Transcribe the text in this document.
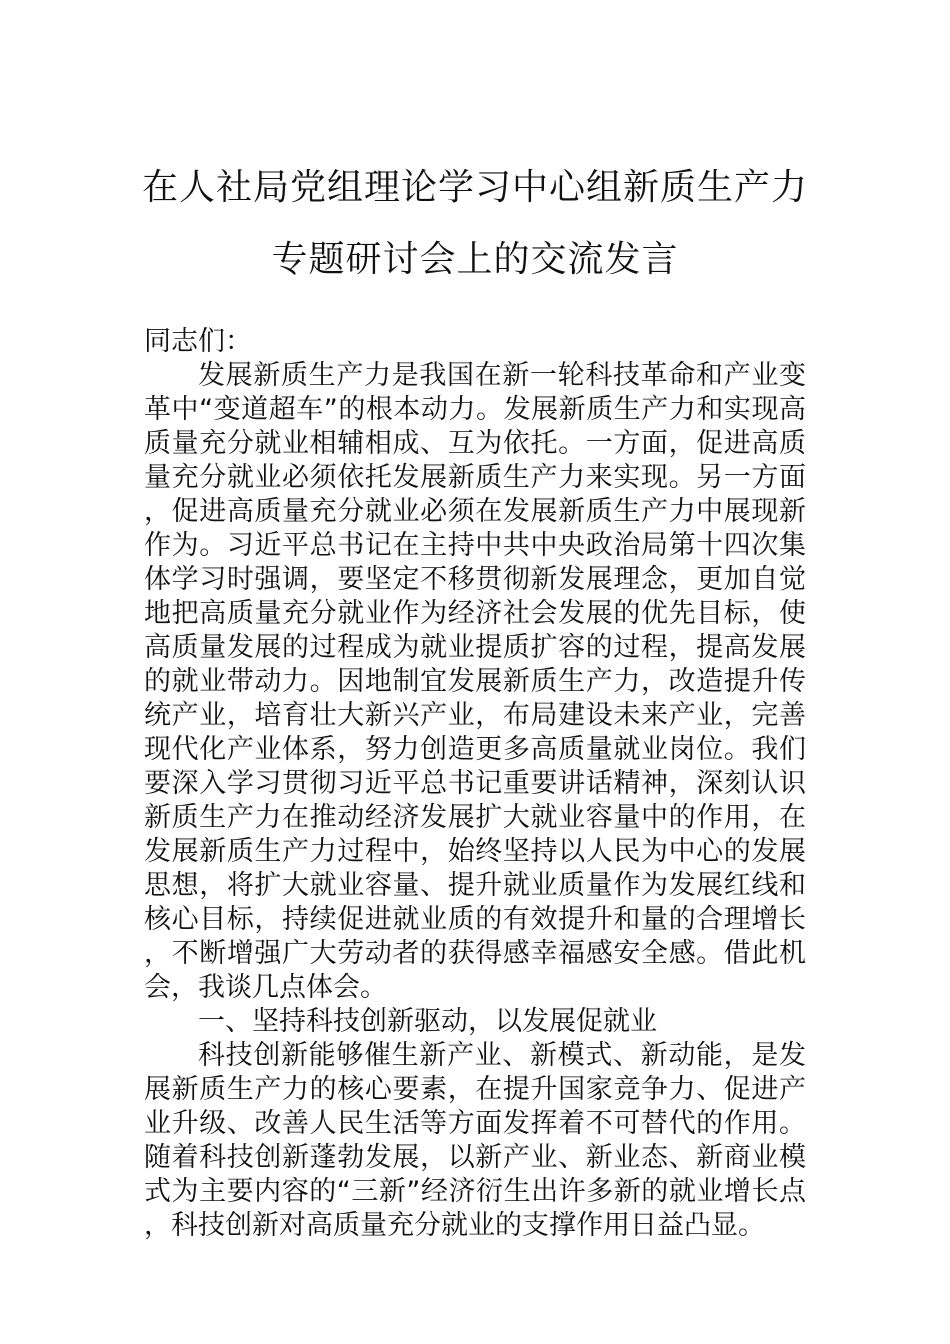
在人社局党组理论学习中心组新质生产力
专题研讨会上的交流发言

同志们：

发展新质生产力是我国在新一轮科技革命和产业变革中“变道超车”的根本动力。发展新质生产力和实现高质量充分就业相辅相成、互为依托。一方面，促进高质量充分就业必须依托发展新质生产力来实现。另一方面，促进高质量充分就业必须在发展新质生产力中展现新作为。习近平总书记在主持中共中央政治局第十四次集体学习时强调，要坚定不移贯彻新发展理念，更加自觉地把高质量充分就业作为经济社会发展的优先目标，使高质量发展的过程成为就业提质扩容的过程，提高发展的就业带动力。因地制宜发展新质生产力，改造提升传统产业，培育壮大新兴产业，布局建设未来产业，完善现代化产业体系，努力创造更多高质量就业岗位。我们要深入学习贯彻习近平总书记重要讲话精神，深刻认识新质生产力在推动经济发展扩大就业容量中的作用，在发展新质生产力过程中，始终坚持以人民为中心的发展思想，将扩大就业容量、提升就业质量作为发展红线和核心目标，持续促进就业质的有效提升和量的合理增长，不断增强广大劳动者的获得感幸福感安全感。借此机会，我谈几点体会。

一、坚持科技创新驱动，以发展促就业

科技创新能够催生新产业、新模式、新动能，是发展新质生产力的核心要素，在提升国家竞争力、促进产业升级、改善人民生活等方面发挥着不可替代的作用。随着科技创新蓬勃发展，以新产业、新业态、新商业模式为主要内容的“三新”经济衍生出许多新的就业增长点，科技创新对高质量充分就业的支撑作用日益凸显。
